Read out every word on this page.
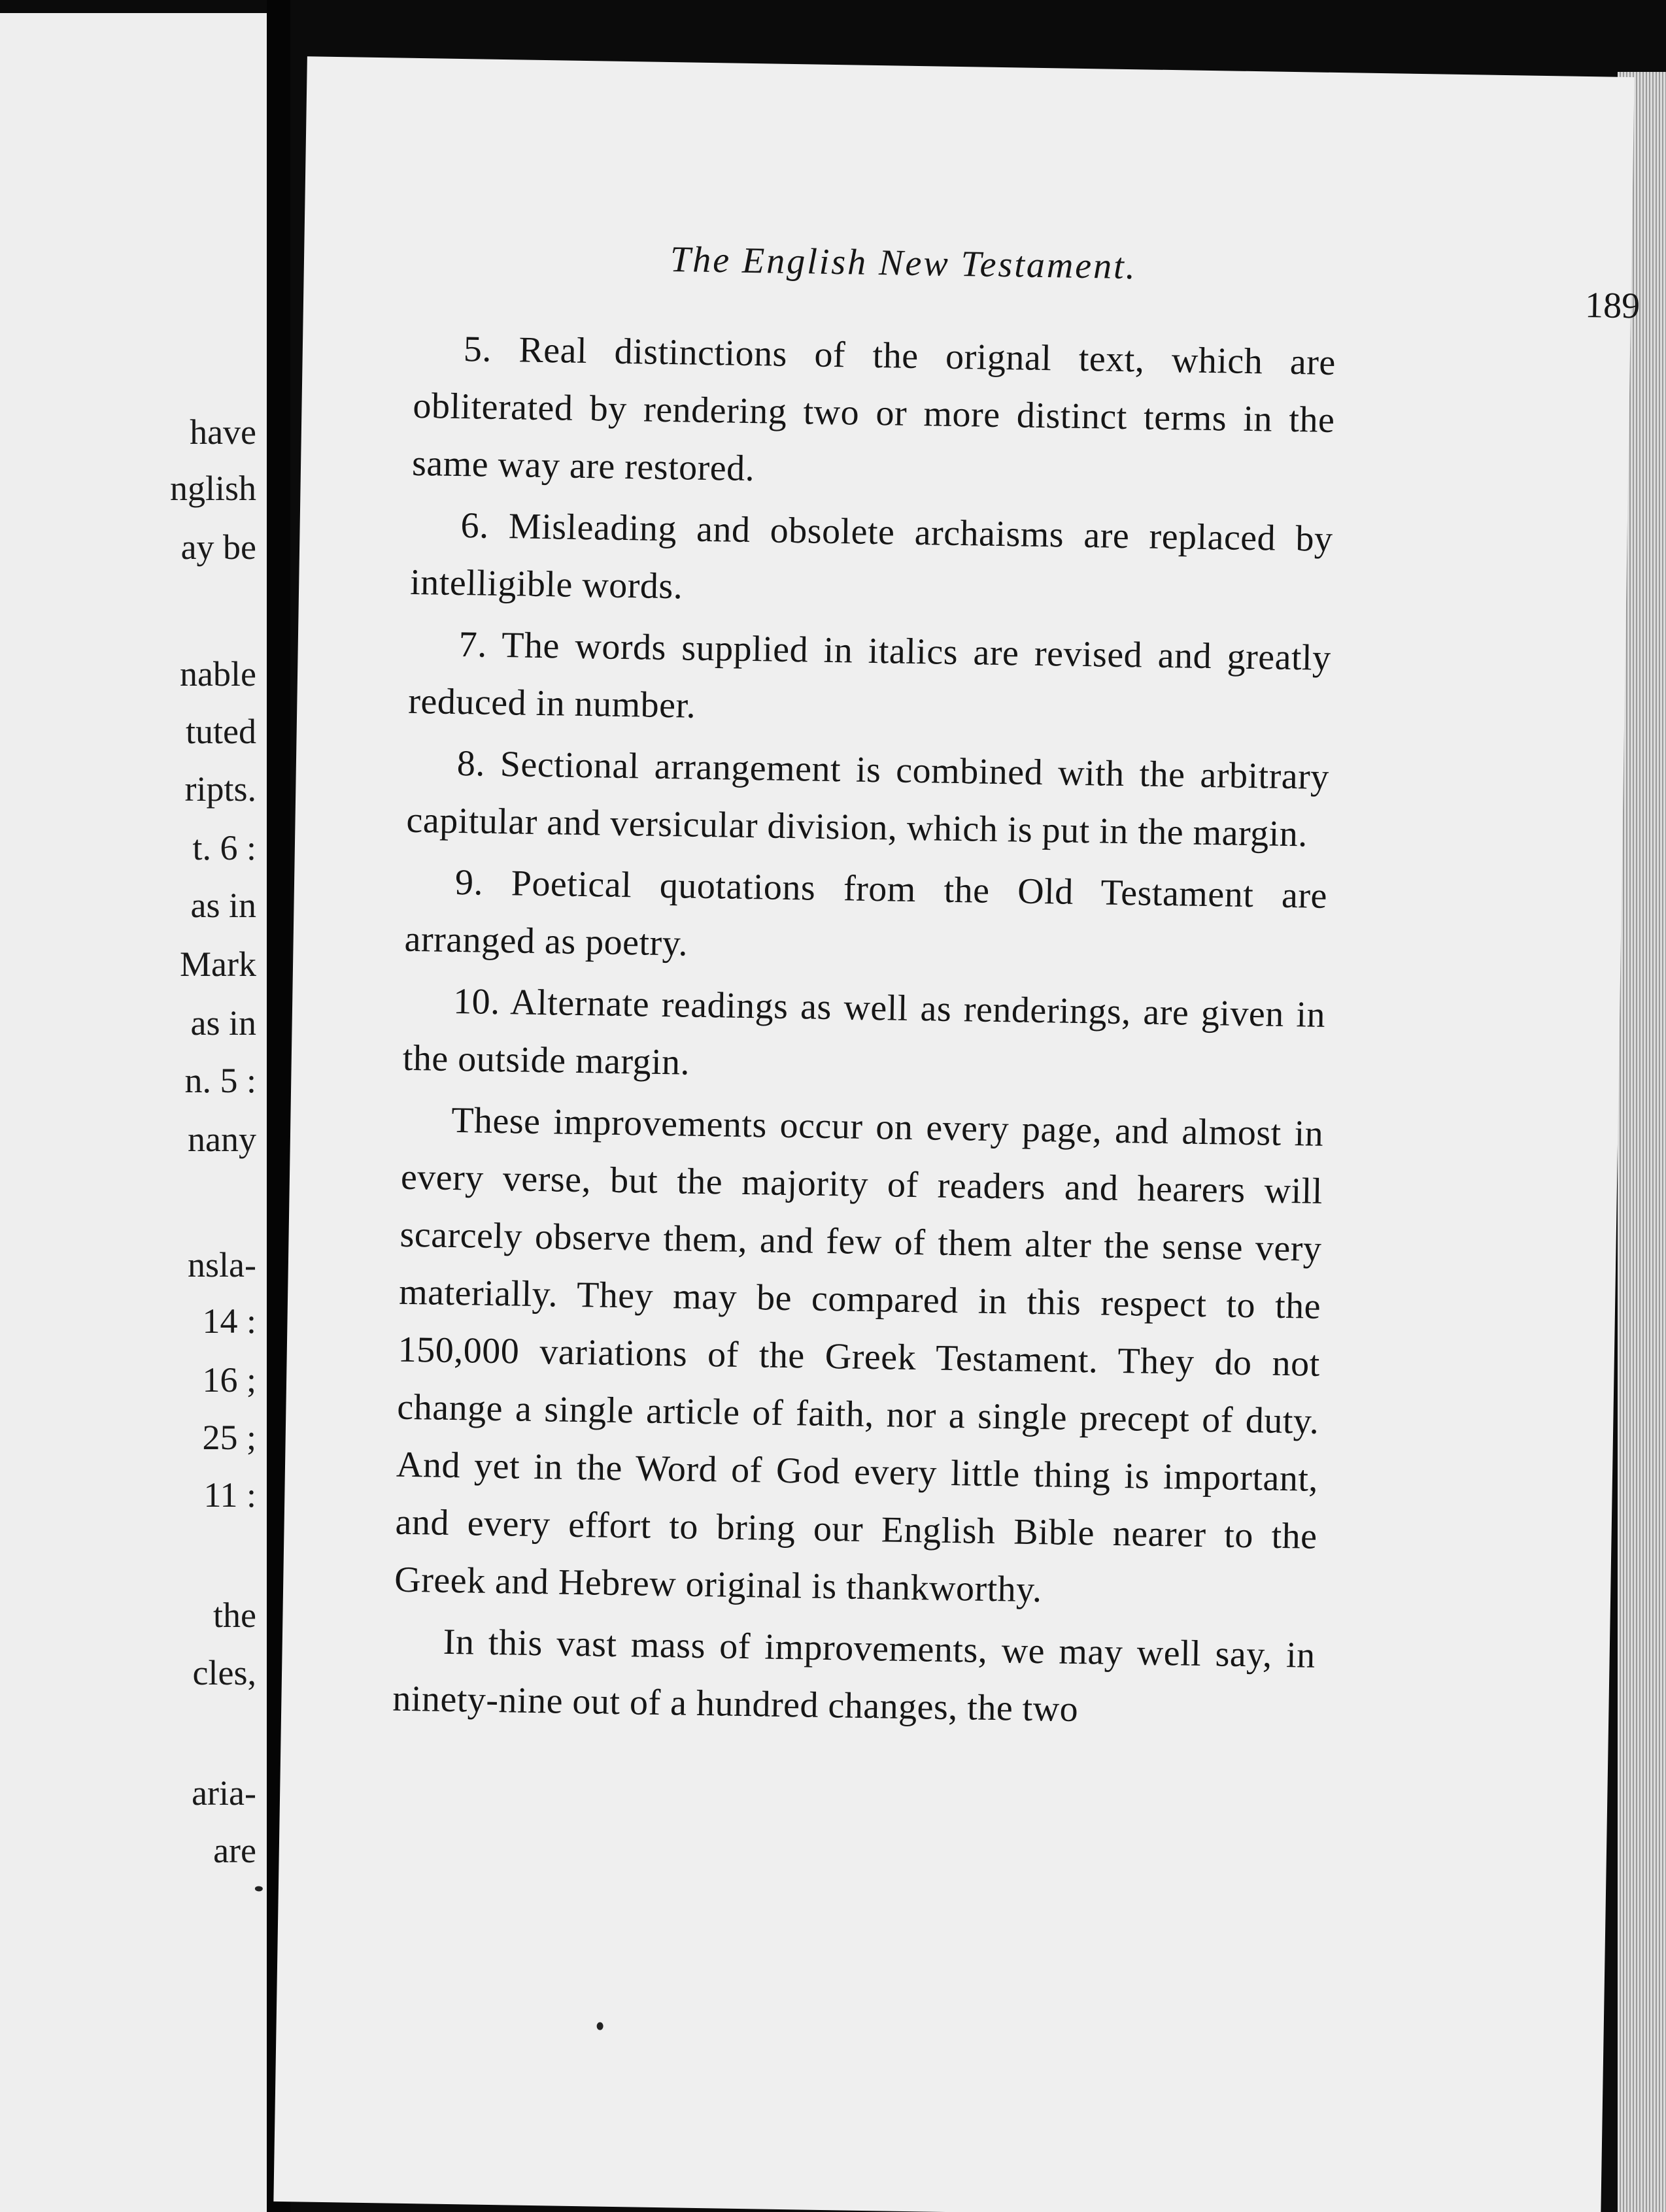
have
nglish
ay be
nable
tuted
ripts.
t. 6 :
as in
Mark
as in
n. 5 :
nany
nsla-
14 :
16 ;
25 ;
11 :
the
cles,
aria-
are
The English New Testament.
189

5. Real distinctions of the orignal text, which are obliterated by rendering two or more distinct terms in the same way are restored.

6. Misleading and obsolete archaisms are replaced by intelligible words.

7. The words supplied in italics are revised and greatly reduced in number.

8. Sectional arrangement is combined with the arbitrary capitular and versicular division, which is put in the margin.

9. Poetical quotations from the Old Testament are arranged as poetry.

10. Alternate readings as well as renderings, are given in the outside margin.

These improvements occur on every page, and almost in every verse, but the majority of readers and hearers will scarcely observe them, and few of them alter the sense very materially. They may be compared in this respect to the 150,000 variations of the Greek Testament. They do not change a single article of faith, nor a single precept of duty. And yet in the Word of God every little thing is important, and every effort to bring our English Bible nearer to the Greek and Hebrew original is thankworthy.

In this vast mass of improvements, we may well say, in ninety-nine out of a hundred changes, the two
